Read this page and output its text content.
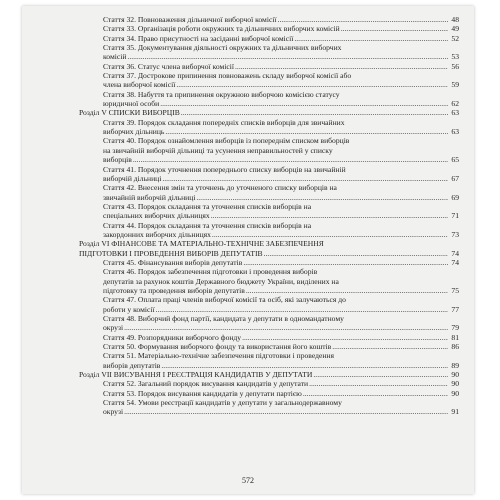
Стаття 32. Повноваження дільничної виборчої комісії .....	48
Стаття 33. Організація роботи окружних та дільничних виборчих комісій .....	49
Стаття 34. Право присутності на засіданні виборчої комісії .....	52
Стаття 35. Документування діяльності окружних та дільничних виборчих
комісій .....	53
Стаття 36. Статус члена виборчої комісії .....	56
Стаття 37. Дострокове припинення повноважень складу виборчої комісії або
члена виборчої комісії .....	59
Стаття 38. Набуття та припинення окружною виборчою комісією статусу
юридичної особи .....	62
Розділ V СПИСКИ ВИБОРЦІВ .....	63
Стаття 39. Порядок складання попередніх списків виборців для звичайних
виборчих дільниць .....	63
Стаття 40. Порядок ознайомлення виборців із попереднім списком виборців
на звичайній виборчій дільниці та усунення неправильностей у списку
виборців .....	65
Стаття 41. Порядок уточнення попереднього списку виборців на звичайній
виборчій дільниці .....	67
Стаття 42. Внесення змін та уточнень до уточненого списку виборців на
звичайній виборчій дільниці .....	69
Стаття 43. Порядок складання та уточнення списків виборців на
спеціальних виборчих дільницях .....	71
Стаття 44. Порядок складання та уточнення списків виборців на
закордонних виборчих дільницях .....	73
Розділ VI ФІНАНСОВЕ ТА МАТЕРІАЛЬНО-ТЕХНІЧНЕ ЗАБЕЗПЕЧЕННЯ
ПІДГОТОВКИ І ПРОВЕДЕННЯ ВИБОРІВ ДЕПУТАТІВ .....	74
Стаття 45. Фінансування виборів депутатів .....	74
Стаття 46. Порядок забезпечення підготовки і проведення виборів
депутатів за рахунок коштів Державного бюджету України, виділених на
підготовку та проведення виборів депутатів .....	75
Стаття 47. Оплата праці членів виборчої комісії та осіб, які залучаються до
роботи у комісії .....	77
Стаття 48. Виборчий фонд партії, кандидата у депутати в одномандатному
окрузі .....	79
Стаття 49. Розпорядники виборчого фонду .....	81
Стаття 50. Формування виборчого фонду та використання його коштів .....	86
Стаття 51. Матеріально-технічне забезпечення підготовки і проведення
виборів депутатів .....	89
Розділ VII ВИСУВАННЯ І РЕЄСТРАЦІЯ КАНДИДАТІВ У ДЕПУТАТИ .....	90
Стаття 52. Загальний порядок висування кандидатів у депутати .....	90
Стаття 53. Порядок висування кандидатів у депутати партією .....	90
Стаття 54. Умови реєстрації кандидатів у депутати у загальнодержавному
окрузі .....	91
572
